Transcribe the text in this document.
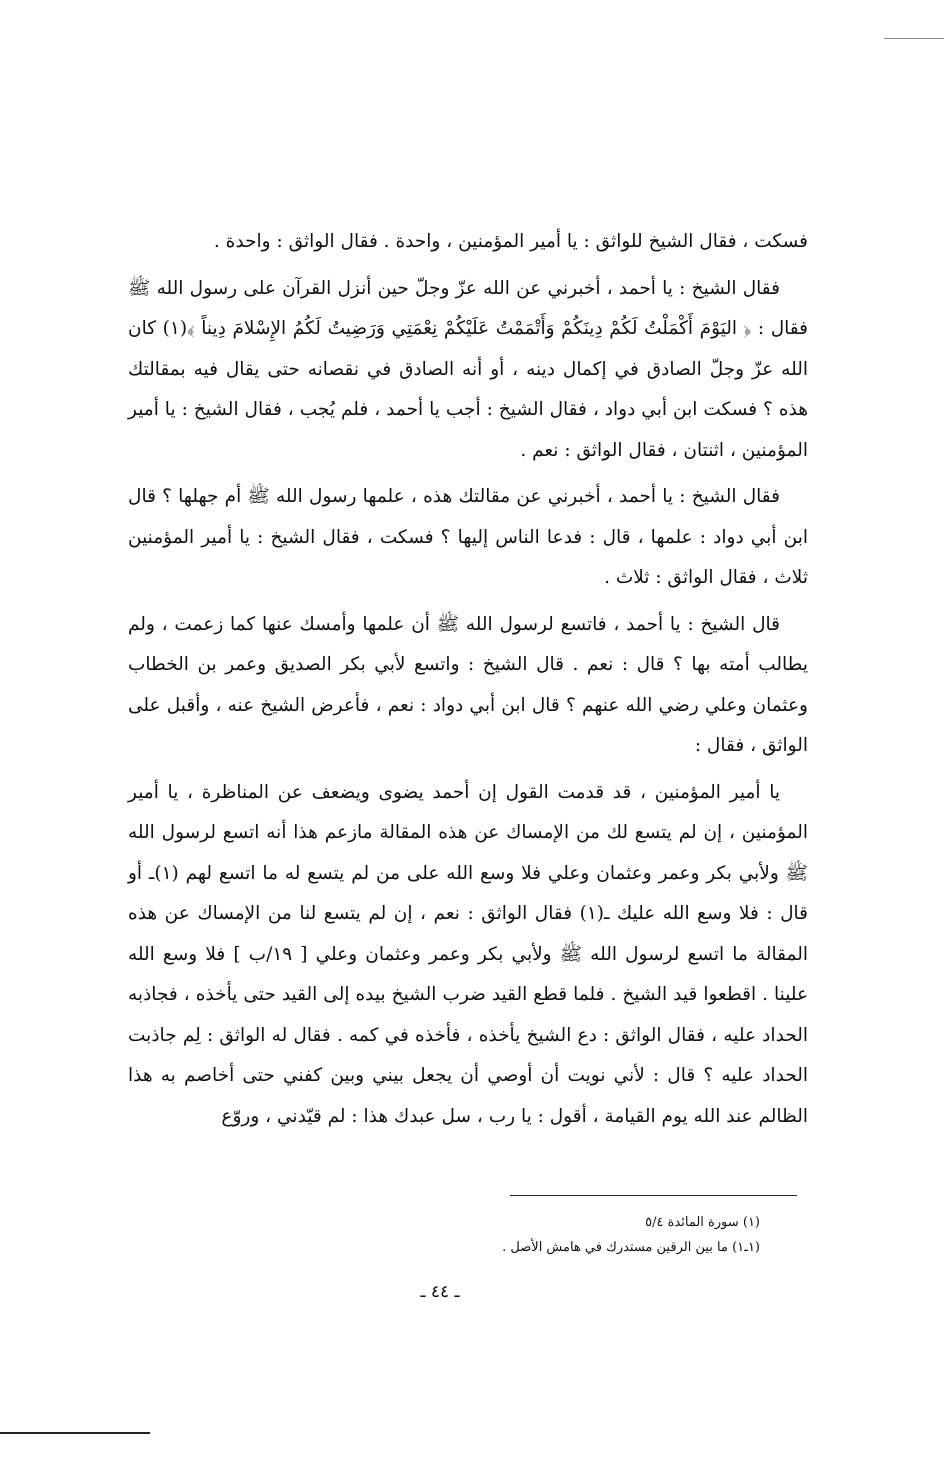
فسكت ، فقال الشيخ للواثق : يا أمير المؤمنين ، واحدة . فقال الواثق : واحدة .

فقال الشيخ : يا أحمد ، أخبرني عن الله عزّ وجلّ حين أنزل القرآن على رسول الله ﷺ فقال : ﴿ اليَوْمَ أَكْمَلْتُ لَكُمْ دِينَكُمْ وَأَتْمَمْتُ عَلَيْكُمْ نِعْمَتِي وَرَضِيتُ لَكُمُ الإِسْلامَ دِيناً ﴾(١) كان الله عزّ وجلّ الصادق في إكمال دينه ، أو أنه الصادق في نقصانه حتى يقال فيه بمقالتك هذه ؟ فسكت ابن أبي دواد ، فقال الشيخ : أجب يا أحمد ، فلم يُجب ، فقال الشيخ : يا أمير المؤمنين ، اثنتان ، فقال الواثق : نعم .

فقال الشيخ : يا أحمد ، أخبرني عن مقالتك هذه ، علمها رسول الله ﷺ أم جهلها ؟ قال ابن أبي دواد : علمها ، قال : فدعا الناس إليها ؟ فسكت ، فقال الشيخ : يا أمير المؤمنين ثلاث ، فقال الواثق : ثلاث .

قال الشيخ : يا أحمد ، فاتسع لرسول الله ﷺ أن علمها وأمسك عنها كما زعمت ، ولم يطالب أمته بها ؟ قال : نعم . قال الشيخ : واتسع لأبي بكر الصديق وعمر بن الخطاب وعثمان وعلي رضي الله عنهم ؟ قال ابن أبي دواد : نعم ، فأعرض الشيخ عنه ، وأقبل على الواثق ، فقال :

يا أمير المؤمنين ، قد قدمت القول إن أحمد يضوى ويضعف عن المناظرة ، يا أمير المؤمنين ، إن لم يتسع لك من الإمساك عن هذه المقالة مازعم هذا أنه اتسع لرسول الله ﷺ ولأبي بكر وعمر وعثمان وعلي فلا وسع الله على من لم يتسع له ما اتسع لهم (١)ـ أو قال : فلا وسع الله عليك ـ(١) فقال الواثق : نعم ، إن لم يتسع لنا من الإمساك عن هذه المقالة ما اتسع لرسول الله ﷺ ولأبي بكر وعمر وعثمان وعلي [ ١٩/ب ] فلا وسع الله علينا . اقطعوا قيد الشيخ . فلما قطع القيد ضرب الشيخ بيده إلى القيد حتى يأخذه ، فجاذبه الحداد عليه ، فقال الواثق : دع الشيخ يأخذه ، فأخذه في كمه . فقال له الواثق : لِم جاذبت الحداد عليه ؟ قال : لأني نويت أن أوصي أن يجعل بيني وبين كفني حتى أخاصم به هذا الظالم عند الله يوم القيامة ، أقول : يا رب ، سل عبدك هذا : لم قيّدني ، وروّع

(١) سورة المائدة ٥/٤

(١ـ١) ما بين الرقين مستدرك في هامش الأصل .

ـ ٤٤ ـ
